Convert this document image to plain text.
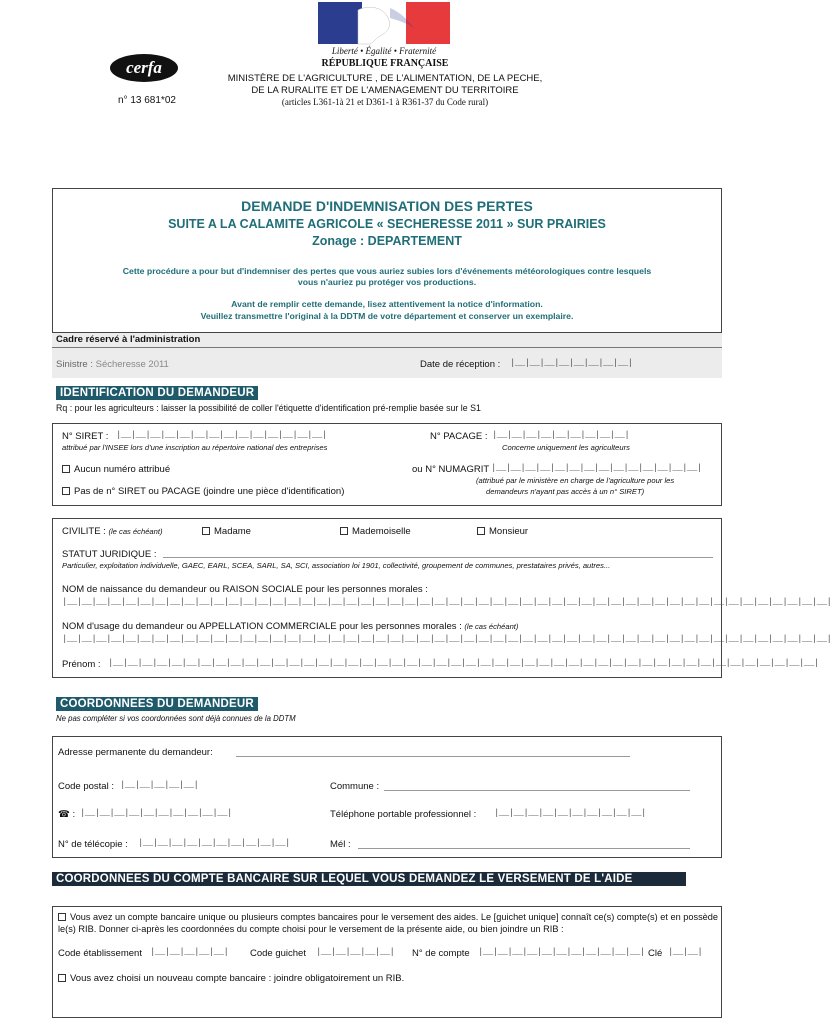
Liberté • Égalité • Fraternité
RÉPUBLIQUE FRANÇAISE
cerfa
n° 13 681*02
MINISTÈRE DE L'AGRICULTURE , DE L'ALIMENTATION, DE LA PECHE,
DE LA RURALITE ET DE L'AMENAGEMENT DU TERRITOIRE
(articles L361-1à 21 et D361-1 à R361-37 du Code rural)
DEMANDE D'INDEMNISATION DES PERTES
SUITE A LA CALAMITE AGRICOLE « SECHERESSE 2011 » SUR PRAIRIES
Zonage : DEPARTEMENT
Cette procédure a pour but d'indemniser des pertes que vous auriez subies lors d'événements météorologiques contre lesquels
vous n'auriez pu protéger vos productions.
Avant de remplir cette demande, lisez attentivement la notice d'information.
Veuillez transmettre l'original à la DDTM de votre département et conserver un exemplaire.
Cadre réservé à l'administration
Sinistre : Sécheresse 2011	Date de réception : |__|__|__|__|__|__|__|__|
IDENTIFICATION DU DEMANDEUR
Rq : pour les agriculteurs : laisser la possibilité de coller l'étiquette d'identification pré-remplie basée sur le S1
N° SIRET : |__|__|__|__|__|__|__|__|__|__|__|__|__|__|
attribué par l'INSEE lors d'une inscription au répertoire national des entreprises
N° PACAGE : |__|__|__|__|__|__|__|__|__|
Concerne uniquement les agriculteurs
Aucun numéro attribué	ou N° NUMAGRIT |__|__|__|__|__|__|__|__|__|__|__|__|__|__|
(attribué par le ministère en charge de l'agriculture pour les
demandeurs n'ayant pas accès à un n° SIRET)
Pas de n° SIRET ou PACAGE (joindre une pièce d'identification)
CIVILITE : (le cas échéant)	Madame	Mademoiselle	Monsieur
STATUT JURIDIQUE :
Particulier, exploitation individuelle, GAEC, EARL, SCEA, SARL, SA, SCI, association loi 1901, collectivité, groupement de communes, prestataires privés, autres...
NOM de naissance du demandeur ou RAISON SOCIALE pour les personnes morales :
|__|__|__|__|__|__|__|__|__|__|__|__|__|__|__|__|__|__|__|__|__|__|__|__|__|__|__|__|__|__|__|__|__|__|__|__|__|__|__|__|__|__|__|__|__|__|__|__|__|__|__|__|
NOM d'usage du demandeur ou APPELLATION COMMERCIALE pour les personnes morales : (le cas échéant)
|__|__|__|__|__|__|__|__|__|__|__|__|__|__|__|__|__|__|__|__|__|__|__|__|__|__|__|__|__|__|__|__|__|__|__|__|__|__|__|__|__|__|__|__|__|__|__|__|__|__|__|__|
Prénom : |__|__|__|__|__|__|__|__|__|__|__|__|__|__|__|__|__|__|__|__|__|__|__|__|__|__|__|__|__|__|__|__|__|__|__|__|__|__|__|__|__|__|__|__|__|__|__|__|
COORDONNEES DU DEMANDEUR
Ne pas compléter si vos coordonnées sont déjà connues de la DDTM
Adresse permanente du demandeur:
Code postal : |__|__|__|__|__|	Commune :
☎ : |__|__|__|__|__|__|__|__|__|__|	Téléphone portable professionnel : |__|__|__|__|__|__|__|__|__|__|
N° de télécopie : |__|__|__|__|__|__|__|__|__|__|	Mél :
COORDONNEES DU COMPTE BANCAIRE SUR LEQUEL VOUS DEMANDEZ LE VERSEMENT DE L'AIDE
Vous avez un compte bancaire unique ou plusieurs comptes bancaires pour le versement des aides. Le [guichet unique] connaît ce(s) compte(s) et en possède le(s) RIB. Donner ci-après les coordonnées du compte choisi pour le versement de la présente aide, ou bien joindre un RIB :
Code établissement |__|__|__|__|__| Code guichet |__|__|__|__|__| N° de compte |__|__|__|__|__|__|__|__|__|__|__| Clé |__|__|
Vous avez choisi un nouveau compte bancaire : joindre obligatoirement un RIB.
